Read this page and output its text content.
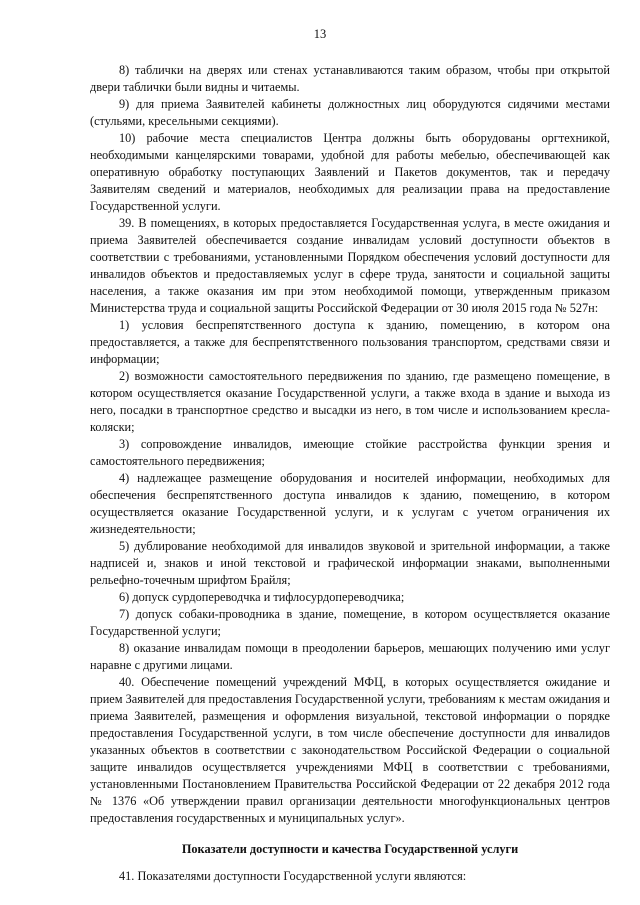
13

8) таблички на дверях или стенах устанавливаются таким образом, чтобы при открытой двери таблички были видны и читаемы.

9) для приема Заявителей кабинеты должностных лиц оборудуются сидячими местами (стульями, кресельными секциями).

10) рабочие места специалистов Центра должны быть оборудованы оргтехникой, необходимыми канцелярскими товарами, удобной для работы мебелью, обеспечивающей как оперативную обработку поступающих Заявлений и Пакетов документов, так и передачу Заявителям сведений и материалов, необходимых для реализации права на предоставление Государственной услуги.

39. В помещениях, в которых предоставляется Государственная услуга, в месте ожидания и приема Заявителей обеспечивается создание инвалидам условий доступности объектов в соответствии с требованиями, установленными Порядком обеспечения условий доступности для инвалидов объектов и предоставляемых услуг в сфере труда, занятости и социальной защиты населения, а также оказания им при этом необходимой помощи, утвержденным приказом Министерства труда и социальной защиты Российской Федерации от 30 июля 2015 года № 527н:

1) условия беспрепятственного доступа к зданию, помещению, в котором она предоставляется, а также для беспрепятственного пользования транспортом, средствами связи и информации;

2) возможности самостоятельного передвижения по зданию, где размещено помещение, в котором осуществляется оказание Государственной услуги, а также входа в здание и выхода из него, посадки в транспортное средство и высадки из него, в том числе и использованием кресла-коляски;

3) сопровождение инвалидов, имеющие стойкие расстройства функции зрения и самостоятельного передвижения;

4) надлежащее размещение оборудования и носителей информации, необходимых для обеспечения беспрепятственного доступа инвалидов к зданию, помещению, в котором осуществляется оказание Государственной услуги, и к услугам с учетом ограничения их жизнедеятельности;

5) дублирование необходимой для инвалидов звуковой и зрительной информации, а также надписей и, знаков и иной текстовой и графической информации знаками, выполненными рельефно-точечным шрифтом Брайля;

6) допуск сурдопереводчка и тифлосурдопереводчика;

7) допуск собаки-проводника в здание, помещение, в котором осуществляется оказание Государственной услуги;

8) оказание инвалидам помощи в преодолении барьеров, мешающих получению ими услуг наравне с другими лицами.

40. Обеспечение помещений учреждений МФЦ, в которых осуществляется ожидание и прием Заявителей для предоставления Государственной услуги, требованиям к местам ожидания и приема Заявителей, размещения и оформления визуальной, текстовой информации о порядке предоставления Государственной услуги, в том числе обеспечение доступности для инвалидов указанных объектов в соответствии с законодательством Российской Федерации о социальной защите инвалидов осуществляется учреждениями МФЦ в соответствии с требованиями, установленными Постановлением Правительства Российской Федерации от 22 декабря 2012 года № 1376 «Об утверждении правил организации деятельности многофункциональных центров предоставления государственных и муниципальных услуг».

Показатели доступности и качества Государственной услуги

41. Показателями доступности Государственной услуги являются:
